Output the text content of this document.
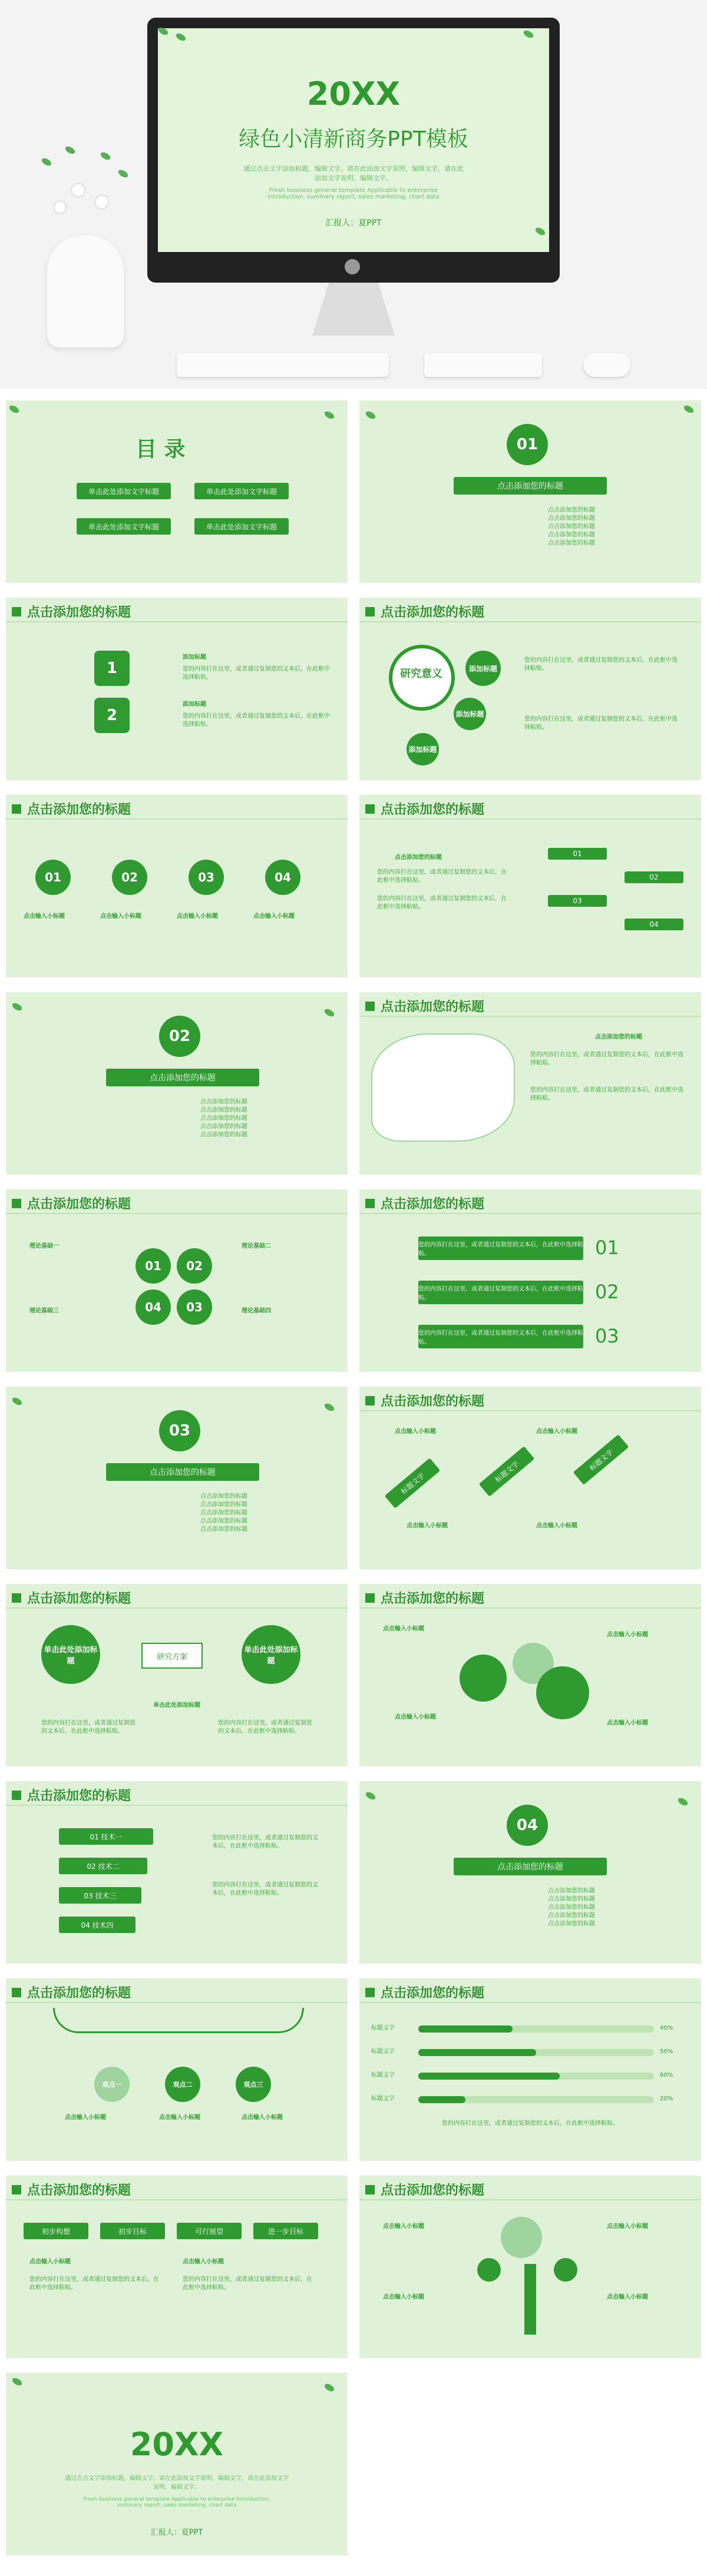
20XX
绿色小清新商务PPT模板
通过点击文字添加标题，编辑文字。请在此添加文字说明，编辑文字，请在此添加文字说明，编辑文字。
Fresh business general template Applicable to enterprise introduction, summary report, sales marketing, chart data
汇报人：夏PPT
目 录
单击此处添加文字标题	单击此处添加文字标题
单击此处添加文字标题	单击此处添加文字标题
01
点击添加您的标题
点击添加您的标题
点击添加您的标题
点击添加您的标题
点击添加您的标题
点击添加您的标题
点击添加您的标题
1
2
添加标题
您的内容打在这里，或者通过复制您的文本后，在此框中选择粘贴。
添加标题
您的内容打在这里，或者通过复制您的文本后，在此框中选择粘贴。
点击添加您的标题
研究意义	添加标题
添加标题
添加标题
您的内容打在这里，或者通过复制您的文本后，在此框中选择粘贴。
您的内容打在这里，或者通过复制您的文本后，在此框中选择粘贴。
点击添加您的标题
01	02	03	04
点击输入小标题	点击输入小标题	点击输入小标题	点击输入小标题
点击添加您的标题
点击添加您的标题
您的内容打在这里，或者通过复制您的文本后，在此框中选择粘贴。
您的内容打在这里，或者通过复制您的文本后，在此框中选择粘贴。
01
02
03
04
02
点击添加您的标题
点击添加您的标题
点击添加您的标题
点击添加您的标题
点击添加您的标题
点击添加您的标题
点击添加您的标题
点击添加您的标题
您的内容打在这里，或者通过复制您的文本后，在此框中选择粘贴。
您的内容打在这里，或者通过复制您的文本后，在此框中选择粘贴。
点击添加您的标题
01	02
04	03
理论基础一	理论基础二
理论基础三	理论基础四
点击添加您的标题
您的内容打在这里，或者通过复制您的文本后，在此框中选择粘贴。
您的内容打在这里，或者通过复制您的文本后，在此框中选择粘贴。
您的内容打在这里，或者通过复制您的文本后，在此框中选择粘贴。
01
02
03
03
点击添加您的标题
点击添加您的标题
点击添加您的标题
点击添加您的标题
点击添加您的标题
点击添加您的标题
点击添加您的标题
标题文字	标题文字	标题文字
点击输入小标题	点击输入小标题
点击输入小标题	点击输入小标题
点击添加您的标题
单击此处添加标题
单击此处添加标题
研究方案
单击此处添加标题
您的内容打在这里，或者通过复制您的文本后，在此框中选择粘贴。
您的内容打在这里，或者通过复制您的文本后，在此框中选择粘贴。
点击添加您的标题
点击输入小标题
点击输入小标题
点击输入小标题
点击输入小标题
点击添加您的标题
01 技术一
02 技术二
03 技术三
04 技术四
您的内容打在这里，或者通过复制您的文本后，在此框中选择粘贴。
您的内容打在这里，或者通过复制您的文本后，在此框中选择粘贴。
04
点击添加您的标题
点击添加您的标题
点击添加您的标题
点击添加您的标题
点击添加您的标题
点击添加您的标题
点击添加您的标题
观点一	观点二	观点三
点击输入小标题	点击输入小标题	点击输入小标题
点击添加您的标题
标题文字	40%
标题文字	50%
标题文字	60%
标题文字	20%
您的内容打在这里，或者通过复制您的文本后，在此框中选择粘贴。
点击添加您的标题
初步构想	初步目标	可行展望	进一步目标
点击输入小标题	点击输入小标题
您的内容打在这里，或者通过复制您的文本后，在此框中选择粘贴。
您的内容打在这里，或者通过复制您的文本后，在此框中选择粘贴。
点击添加您的标题
点击输入小标题	点击输入小标题
点击输入小标题	点击输入小标题
20XX
通过点击文字添加标题，编辑文字。请在此添加文字说明，编辑文字，请在此添加文字说明，编辑文字。
Fresh business general template Applicable to enterprise introduction, summary report, sales marketing, chart data
汇报人：夏PPT
